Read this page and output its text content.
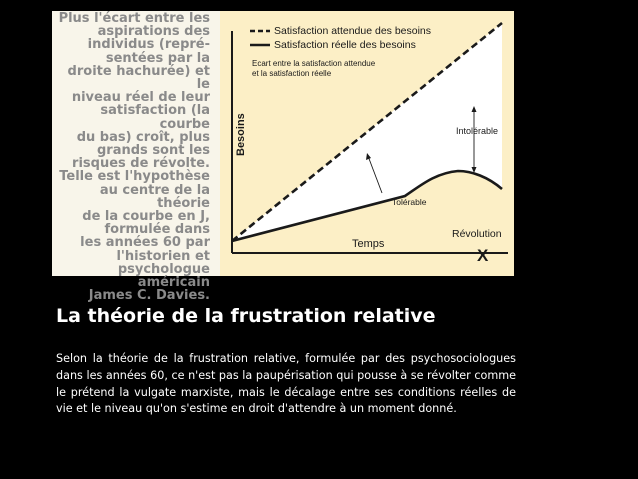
Plus l'écart entre les
aspirations des
individus (repré-
sentées par la
droite hachurée) et le
niveau réel de leur
satisfaction (la courbe
du bas) croît, plus
grands sont les
risques de révolte.
Telle est l'hypothèse
au centre de la théorie
de la courbe en J,
formulée dans
les années 60 par
l'historien et
psychologue américain
James C. Davies.
Satisfaction attendue des besoins
Satisfaction réelle des besoins
Ecart entre la satisfaction attendue
et la satisfaction réelle
Besoins	Intolérable
Tolérable
Temps
Révolution
X
La théorie de la frustration relative

Selon la théorie de la frustration relative, formulée par des psychosociologues dans les années 60, ce n'est pas la paupérisation qui pousse à se révolter comme le prétend la vulgate marxiste, mais le décalage entre ses conditions réelles de vie et le niveau qu'on s'estime en droit d'attendre à un moment donné.
